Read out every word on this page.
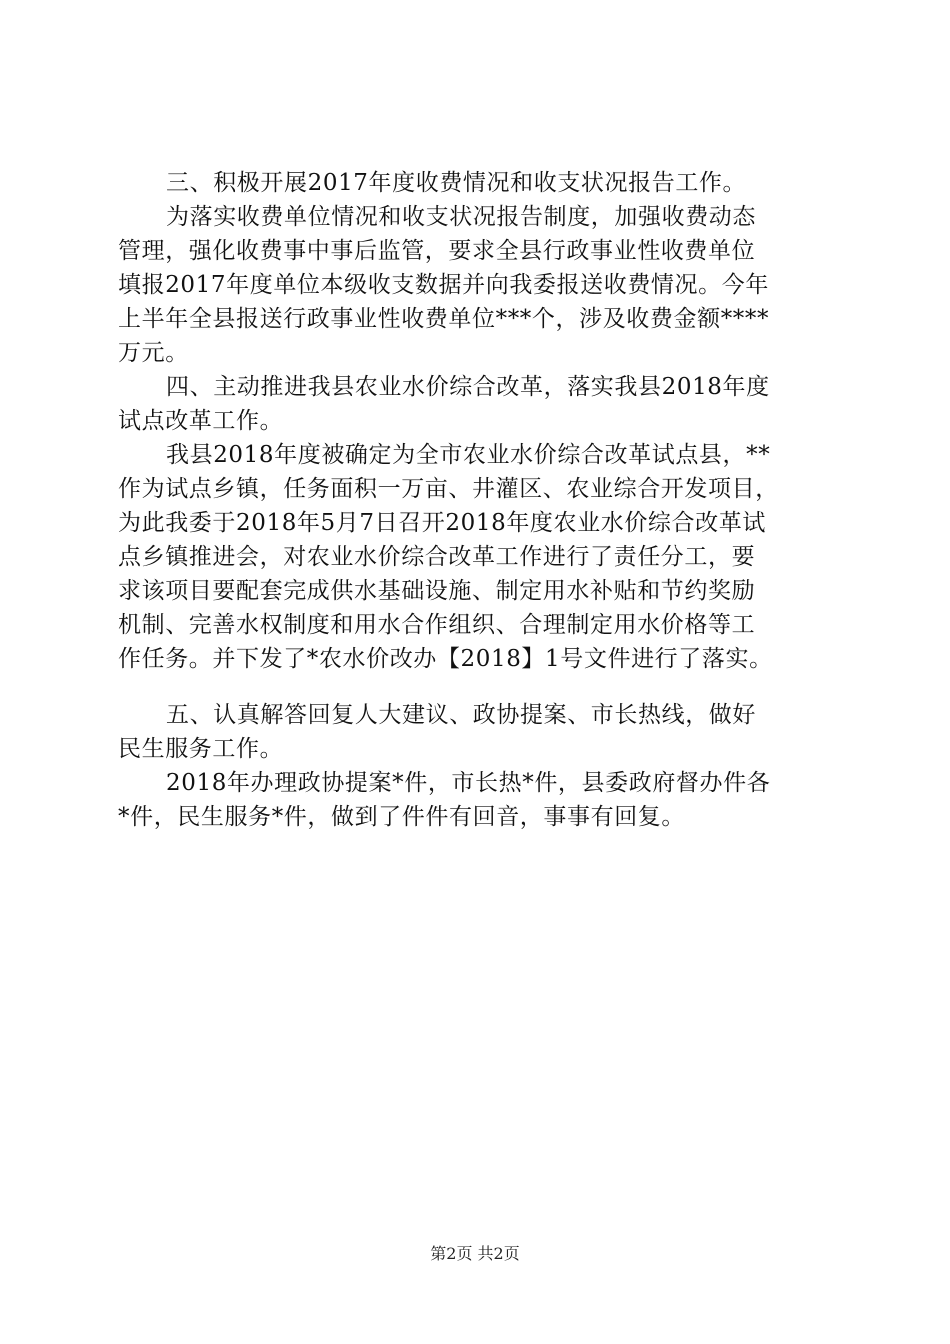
三、积极开展2017年度收费情况和收支状况报告工作。
为落实收费单位情况和收支状况报告制度，加强收费动态
管理，强化收费事中事后监管，要求全县行政事业性收费单位
填报2017年度单位本级收支数据并向我委报送收费情况。今年
上半年全县报送行政事业性收费单位***个，涉及收费金额****
万元。
四、主动推进我县农业水价综合改革，落实我县2018年度
试点改革工作。
我县2018年度被确定为全市农业水价综合改革试点县，**
作为试点乡镇，任务面积一万亩、井灌区、农业综合开发项目，
为此我委于2018年5月7日召开2018年度农业水价综合改革试
点乡镇推进会，对农业水价综合改革工作进行了责任分工，要
求该项目要配套完成供水基础设施、制定用水补贴和节约奖励
机制、完善水权制度和用水合作组织、合理制定用水价格等工
作任务。并下发了*农水价改办【2018】1号文件进行了落实。
五、认真解答回复人大建议、政协提案、市长热线，做好
民生服务工作。
2018年办理政协提案*件，市长热*件，县委政府督办件各
*件，民生服务*件，做到了件件有回音，事事有回复。
第2页 共2页
